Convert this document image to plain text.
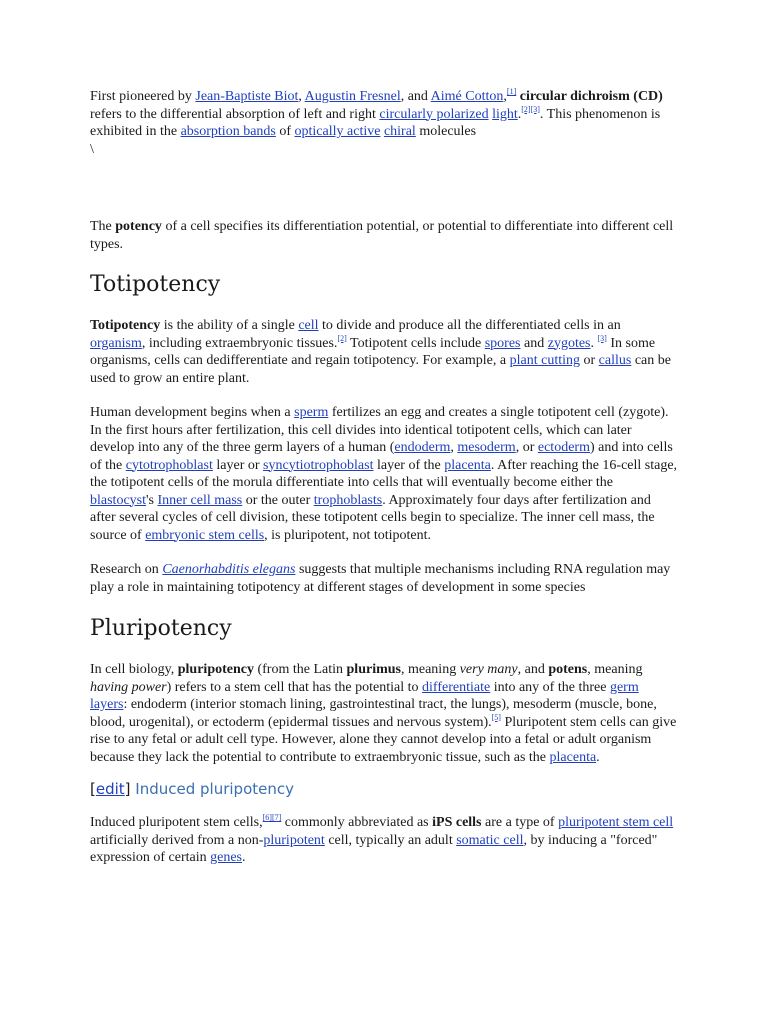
First pioneered by Jean-Baptiste Biot, Augustin Fresnel, and Aimé Cotton,[1] circular dichroism (CD) refers to the differential absorption of left and right circularly polarized light.[2][3]. This phenomenon is exhibited in the absorption bands of optically active chiral molecules
\

The potency of a cell specifies its differentiation potential, or potential to differentiate into different cell types.

Totipotency

Totipotency is the ability of a single cell to divide and produce all the differentiated cells in an organism, including extraembryonic tissues.[2] Totipotent cells include spores and zygotes. [3] In some organisms, cells can dedifferentiate and regain totipotency. For example, a plant cutting or callus can be used to grow an entire plant.

Human development begins when a sperm fertilizes an egg and creates a single totipotent cell (zygote). In the first hours after fertilization, this cell divides into identical totipotent cells, which can later develop into any of the three germ layers of a human (endoderm, mesoderm, or ectoderm) and into cells of the cytotrophoblast layer or syncytiotrophoblast layer of the placenta. After reaching the 16-cell stage, the totipotent cells of the morula differentiate into cells that will eventually become either the blastocyst's Inner cell mass or the outer trophoblasts. Approximately four days after fertilization and after several cycles of cell division, these totipotent cells begin to specialize. The inner cell mass, the source of embryonic stem cells, is pluripotent, not totipotent.

Research on Caenorhabditis elegans suggests that multiple mechanisms including RNA regulation may play a role in maintaining totipotency at different stages of development in some species

Pluripotency

In cell biology, pluripotency (from the Latin plurimus, meaning very many, and potens, meaning having power) refers to a stem cell that has the potential to differentiate into any of the three germ layers: endoderm (interior stomach lining, gastrointestinal tract, the lungs), mesoderm (muscle, bone, blood, urogenital), or ectoderm (epidermal tissues and nervous system).[5] Pluripotent stem cells can give rise to any fetal or adult cell type. However, alone they cannot develop into a fetal or adult organism because they lack the potential to contribute to extraembryonic tissue, such as the placenta.

[edit] Induced pluripotency

Induced pluripotent stem cells,[6][7] commonly abbreviated as iPS cells are a type of pluripotent stem cell artificially derived from a non-pluripotent cell, typically an adult somatic cell, by inducing a "forced" expression of certain genes.
